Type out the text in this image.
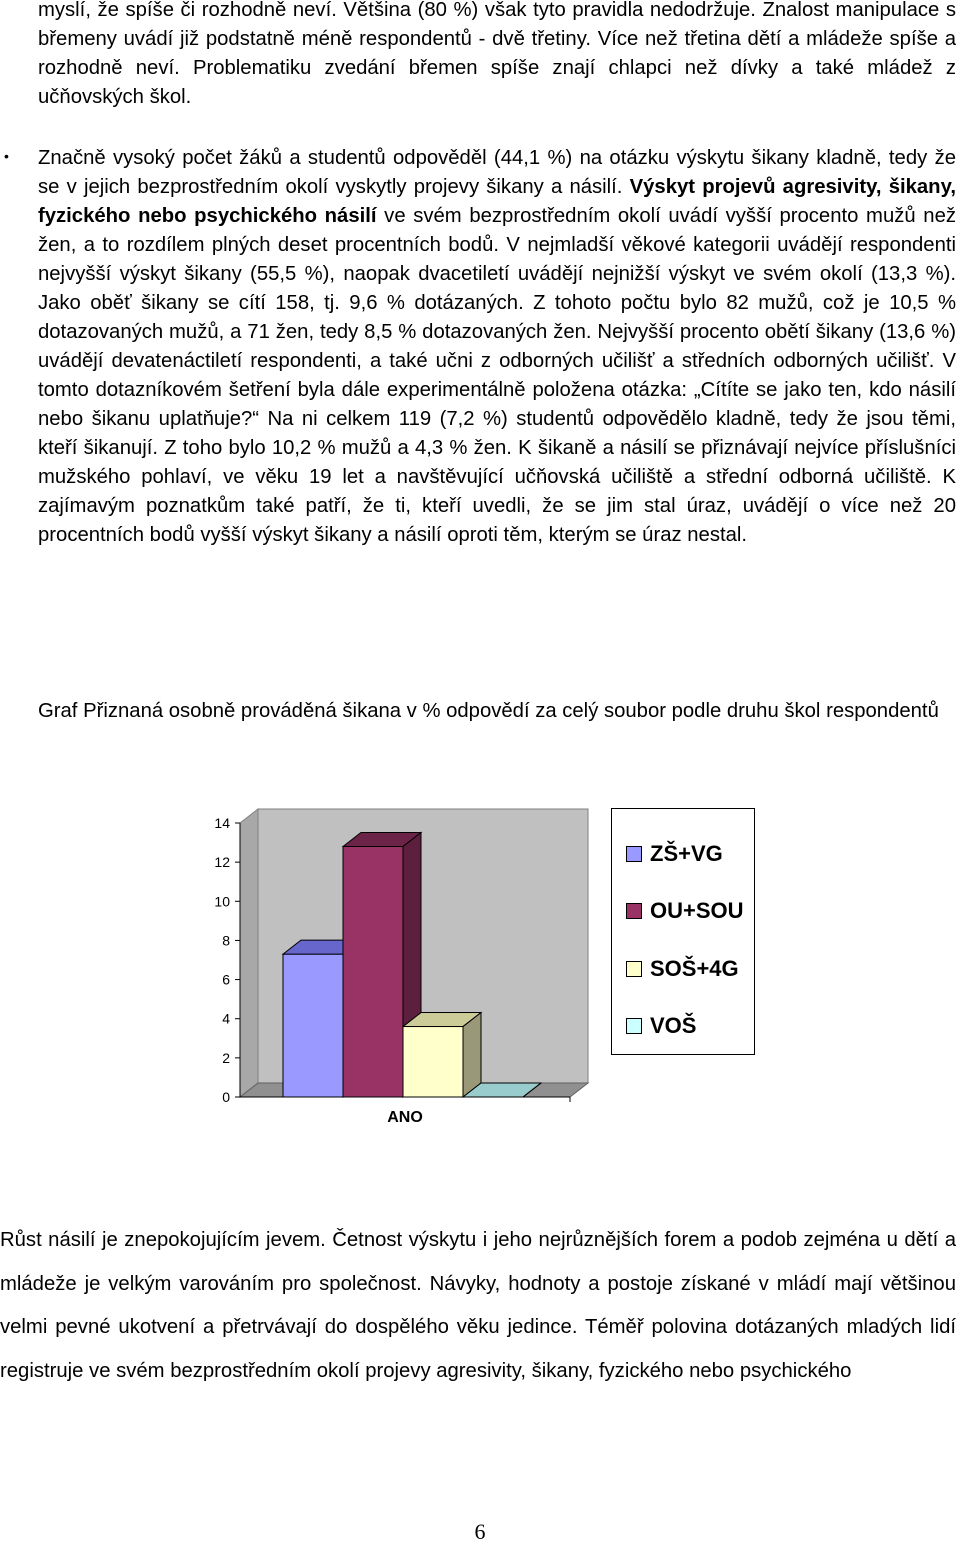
myslí, že spíše či rozhodně neví. Většina (80 %) však tyto pravidla nedodržuje. Znalost manipulace s břemeny uvádí již podstatně méně respondentů - dvě třetiny. Více než třetina dětí a mládeže spíše a rozhodně neví. Problematiku zvedání břemen spíše znají chlapci než dívky a také mládež z učňovských škol.
• Značně vysoký počet žáků a studentů odpověděl (44,1 %) na otázku výskytu šikany kladně, tedy že se v jejich bezprostředním okolí vyskytly projevy šikany a násilí. Výskyt projevů agresivity, šikany, fyzického nebo psychického násilí ve svém bezprostředním okolí uvádí vyšší procento mužů než žen, a to rozdílem plných deset procentních bodů. V nejmladší věkové kategorii uvádějí respondenti nejvyšší výskyt šikany (55,5 %), naopak dvacetiletí uvádějí nejnižší výskyt ve svém okolí (13,3 %). Jako oběť šikany se cítí 158, tj. 9,6 % dotázaných. Z tohoto počtu bylo 82 mužů, což je 10,5 % dotazovaných mužů, a 71 žen, tedy 8,5 % dotazovaných žen. Nejvyšší procento obětí šikany (13,6 %) uvádějí devatenáctiletí respondenti, a také učni z odborných učilišť a středních odborných učilišť. V tomto dotazníkovém šetření byla dále experimentálně položena otázka: „Cítíte se jako ten, kdo násilí nebo šikanu uplatňuje?“ Na ni celkem 119 (7,2 %) studentů odpovědělo kladně, tedy že jsou těmi, kteří šikanují. Z toho bylo 10,2 % mužů a 4,3 % žen. K šikaně a násilí se přiznávají nejvíce příslušníci mužského pohlaví, ve věku 19 let a navštěvující učňovská učiliště a střední odborná učiliště. K zajímavým poznatkům také patří, že ti, kteří uvedli, že se jim stal úraz, uvádějí o více než 20 procentních bodů vyšší výskyt šikany a násilí oproti těm, kterým se úraz nestal.

Graf Přiznaná osobně prováděná šikana v % odpovědí za celý soubor podle druhu škol respondentů

0
2
4
6
8
10
12
14
ANO
ZŠ+VG
OU+SOU
SOŠ+4G
VOŠ

Růst násilí je znepokojujícím jevem. Četnost výskytu i jeho nejrůznějších forem a podob zejména u dětí a mládeže je velkým varováním pro společnost. Návyky, hodnoty a postoje získané v mládí mají většinou velmi pevné ukotvení a přetrvávají do dospělého věku jedince. Téměř polovina dotázaných mladých lidí registruje ve svém bezprostředním okolí projevy agresivity, šikany, fyzického nebo psychického

6
